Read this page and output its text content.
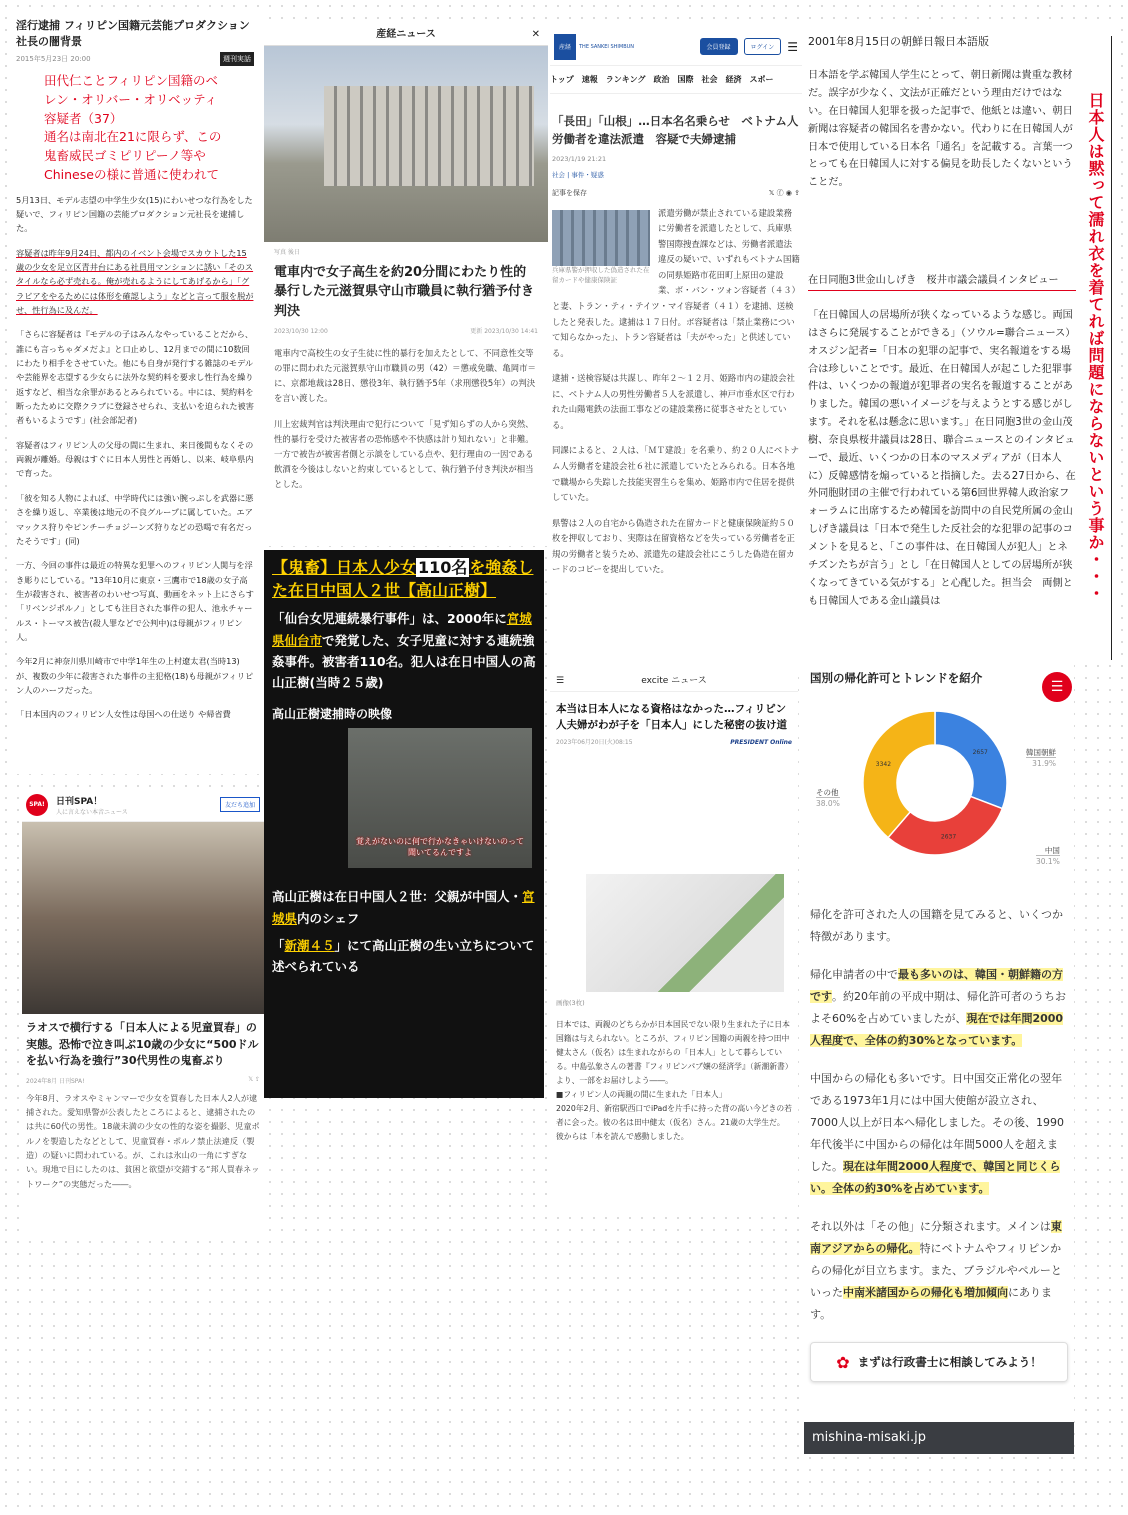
淫行逮捕 フィリピン国籍元芸能プロダクション社長の闇背景
2015年5月23日 20:00	週刊実話
田代仁ことフィリピン国籍のベ
レン・オリバー・オリベッティ
容疑者（37）
通名は南北在21に限らず、この
鬼畜威民ゴミピリピーノ等や
Chineseの様に普通に使われて

5月13日、モデル志望の中学生少女(15)にわいせつな行為をした疑いで、フィリピン国籍の芸能プロダクション元社長を逮捕した。

容疑者は昨年9月24日、都内のイベント会場でスカウトした15歳の少女を足立区青井台にある社員用マンションに誘い「そのスタイルなら必ず売れる。俺が売れるようにしてあげるから」「グラビアをやるためには体形を確認しよう」などと言って服を脱がせ、性行為に及んだ。

「さらに容疑者は『モデルの子はみんなやっていることだから、誰にも言っちゃダメだよ』と口止めし、12月までの間に10数回にわたり相手をさせていた。他にも自身が発行する雑誌のモデルや芸能界を志望する少女らに法外な契約料を要求し性行為を繰り返すなど、相当な余罪があるとみられている。中には、契約料を断ったために交際クラブに登録させられ、支払いを迫られた被害者もいるようです」(社会部記者)

容疑者はフィリピン人の父母の間に生まれ、来日後間もなくその両親が離婚。母親はすぐに日本人男性と再婚し、以来、岐阜県内で育った。

「彼を知る人物によれば、中学時代には強い腕っぷしを武器に悪さを繰り返し、卒業後は地元の不良グループに属していた。エアマックス狩りやピンチーチョジーンズ狩りなどの恐喝で有名だったそうです」(同)

一方、今回の事件は最近の特異な犯罪へのフィリピン人関与を浮き彫りにしている。"13年10月に東京・三鷹市で18歳の女子高生が殺害され、被害者のわいせつ写真、動画をネット上にさらす「リベンジポルノ」としても注目された事件の犯人、池永チャールス・トーマス被告(殺人罪などで公判中)は母親がフィリピン人。

今年2月に神奈川県川崎市で中学1年生の上村遼太君(当時13)が、複数の少年に殺害された事件の主犯格(18)も母親がフィリピン人のハーフだった。

「日本国内のフィリピン人女性は母国への仕送り や帰省費

産経ニュース	✕
写真 後日
電車内で女子高生を約20分間にわたり性的暴行した元滋賀県守山市職員に執行猶予付き判決
2023/10/30 12:00	更新 2023/10/30 14:41

電車内で高校生の女子生徒に性的暴行を加えたとして、不同意性交等の罪に問われた元滋賀県守山市職員の男（42）＝懲戒免職、亀岡市＝に、京都地裁は28日、懲役3年、執行猶予5年（求刑懲役5年）の判決を言い渡した。

川上宏裁判官は判決理由で犯行について「見ず知らずの人から突然、性的暴行を受けた被害者の恐怖感や不快感は計り知れない」と非難。一方で被告が被害者側と示談をしている点や、犯行理由の一因である飲酒を今後はしないと約束しているとして、執行猶予付き判決が相当とした。

【鬼畜】日本人少女 110名 を強姦した在日中国人２世【高山正樹】
「仙台女児連続暴行事件」は、2000年に宮城県仙台市で発覚した、女子児童に対する連続強姦事件。被害者110名。犯人は在日中国人の高山正樹(当時２５歳)
高山正樹逮捕時の映像
覚えがないのに何で行かなきゃいけないのって聞いてるんですよ
高山正樹は在日中国人２世：父親が中国人・宮城県内のシェフ
「新潮４５」にて高山正樹の生い立ちについて述べられている
SPA!	日刊SPA！
人に言えない本音ニュース
友だち追加
ラオスで横行する「日本人による児童買春」の実態。恐怖で泣き叫ぶ10歳の少女に“500ドルを払い行為を強行”30代男性の鬼畜ぶり
2024年8月 日刊SPA!	𝕏 ⇪

今年8月、ラオスやミャンマーで少女を買春した日本人2人が逮捕された。愛知県警が公表したところによると、逮捕されたのは共に60代の男性。18歳未満の少女の性的な姿を撮影、児童ポルノを製造したなどとして、児童買春・ポルノ禁止法違反（製造）の疑いに問われている。が、これは氷山の一角にすぎない。現地で目にしたのは、貧困と欲望が交錯する“邦人買春ネットワーク”の実態だった――。

産経	THE SANKEI SHIMBUN	会員登録	ログイン	☰
トップ　速報　ランキング　政治　国際　社会　経済　スポー
「長田」「山根」…日本名名乗らせ　ベトナム人労働者を違法派遣　容疑で夫婦逮捕
2023/1/19 21:21
社会 | 事件・疑惑
記事を保存	𝕏 ⓕ ◉ ⇪
兵庫県警が押収した偽造された在留カードや健康保険証

派遣労働が禁止されている建設業務に労働者を派遣したとして、兵庫県警国際捜査課などは、労働者派遣法違反の疑いで、いずれもベトナム国籍の同県姫路市花田町上原田の建設業、ボ・バン・ツォン容疑者（４３）と妻、トラン・ティ・テイツ・マイ容疑者（４１）を逮捕、送検したと発表した。逮捕は１７日付。ボ容疑者は「禁止業務について知らなかった」、トラン容疑者は「夫がやった」と供述している。

逮捕・送検容疑は共謀し、昨年２～１２月、姫路市内の建設会社に、ベトナム人の男性労働者５人を派遣し、神戸市垂水区で行われた山陽電鉄の法面工事などの建設業務に従事させたとしている。

同課によると、２人は、「ＭＴ建設」を名乗り、約２０人にベトナム人労働者を建設会社６社に派遣していたとみられる。日本各地で職場から失踪した技能実習生らを集め、姫路市内で住居を提供していた。

県警は２人の自宅から偽造された在留カードと健康保険証約５０枚を押収しており、実際は在留資格などを失っている労働者を正規の労働者と装うため、派遣先の建設会社にこうした偽造在留カードのコピーを提出していた。

☰	excite ニュース
本当は日本人になる資格はなかった…フィリピン人夫婦がわが子を「日本人」にした秘密の抜け道
2023年06月20日(火)08:15	PRESIDENT Online
画像(3枚)

日本では、両親のどちらかが日本国民でない限り生まれた子に日本国籍は与えられない。ところが、フィリピン国籍の両親を持つ田中健太さん（仮名）は生まれながらの「日本人」として暮らしている。中島弘象さんの著書『フィリピンパブ嬢の経済学』（新潮新書）より、一部をお届けしよう――。

■フィリピン人の両親の間に生まれた「日本人」

2020年2月、新宿駅西口でiPadを片手に持った背の高い今どきの若者に会った。彼の名は田中健太（仮名）さん。21歳の大学生だ。

彼からは「本を読んで感動しました。

2001年8月15日の朝鮮日報日本語版

日本語を学ぶ韓国人学生にとって、朝日新聞は貴重な教材だ。誤字が少なく、文法が正確だという理由だけではない。在日韓国人犯罪を扱った記事で、他紙とは違い、朝日新聞は容疑者の韓国名を書かない。代わりに在日韓国人が日本で使用している日本名「通名」を記載する。言葉一つとっても在日韓国人に対する偏見を助長したくないということだ。

在日同胞3世金山しげき　桜井市議会議員インタビュー
「在日韓国人の居場所が狭くなっているような感じ。両国はさらに発展することができる」（ソウル=聯合ニュース）オスジン記者=「日本の犯罪の記事で、実名報道をする場合は珍しいことです。最近、在日韓国人が起こした犯罪事件は、いくつかの報道が犯罪者の実名を報道することがありました。韓国の悪いイメージを与えようとする感じがします。それを私は懸念に思います。」在日同胞3世の金山茂樹、奈良県桜井議員は28日、聯合ニュースとのインタビューで、最近、いくつかの日本のマスメディアが（日本人に）反韓感情を煽っていると指摘した。去る27日から、在外同胞財団の主催で行われている第6回世界韓人政治家フォーラムに出席するため韓国を訪問中の自民党所属の金山しげき議員は「日本で発生した反社会的な犯罪の記事のコメントを見ると、「この事件は、在日韓国人が犯人」とネチズンたちが言う」とし「在日韓国人としての居場所が狭くなってきている気がする」と心配した。担当会　両側とも日韓国人である金山議員は	日本人は黙って濡れ衣を着てれば問題にならないという事か・・・
国別の帰化許可とトレンドを紹介
☰
2657
2637
3342
韓国朝鮮
31.9%
中国
30.1%
その他
38.0%

帰化を許可された人の国籍を見てみると、いくつか特徴があります。

帰化申請者の中で最も多いのは、韓国・朝鮮籍の方です。約20年前の平成中期は、帰化許可者のうちおよそ60%を占めていましたが、現在では年間2000人程度で、全体の約30%となっています。

中国からの帰化も多いです。日中国交正常化の翌年である1973年1月には中国大使館が設立され、7000人以上が日本へ帰化しました。その後、1990年代後半に中国からの帰化は年間5000人を超えました。現在は年間2000人程度で、韓国と同じくらい。全体の約30%を占めています。

それ以外は「その他」に分類されます。メインは東南アジアからの帰化。特にベトナムやフィリピンからの帰化が目立ちます。また、ブラジルやペルーといった中南米諸国からの帰化も増加傾向にあります。

✿ まずは行政書士に相談してみよう！
mishina-misaki.jp
